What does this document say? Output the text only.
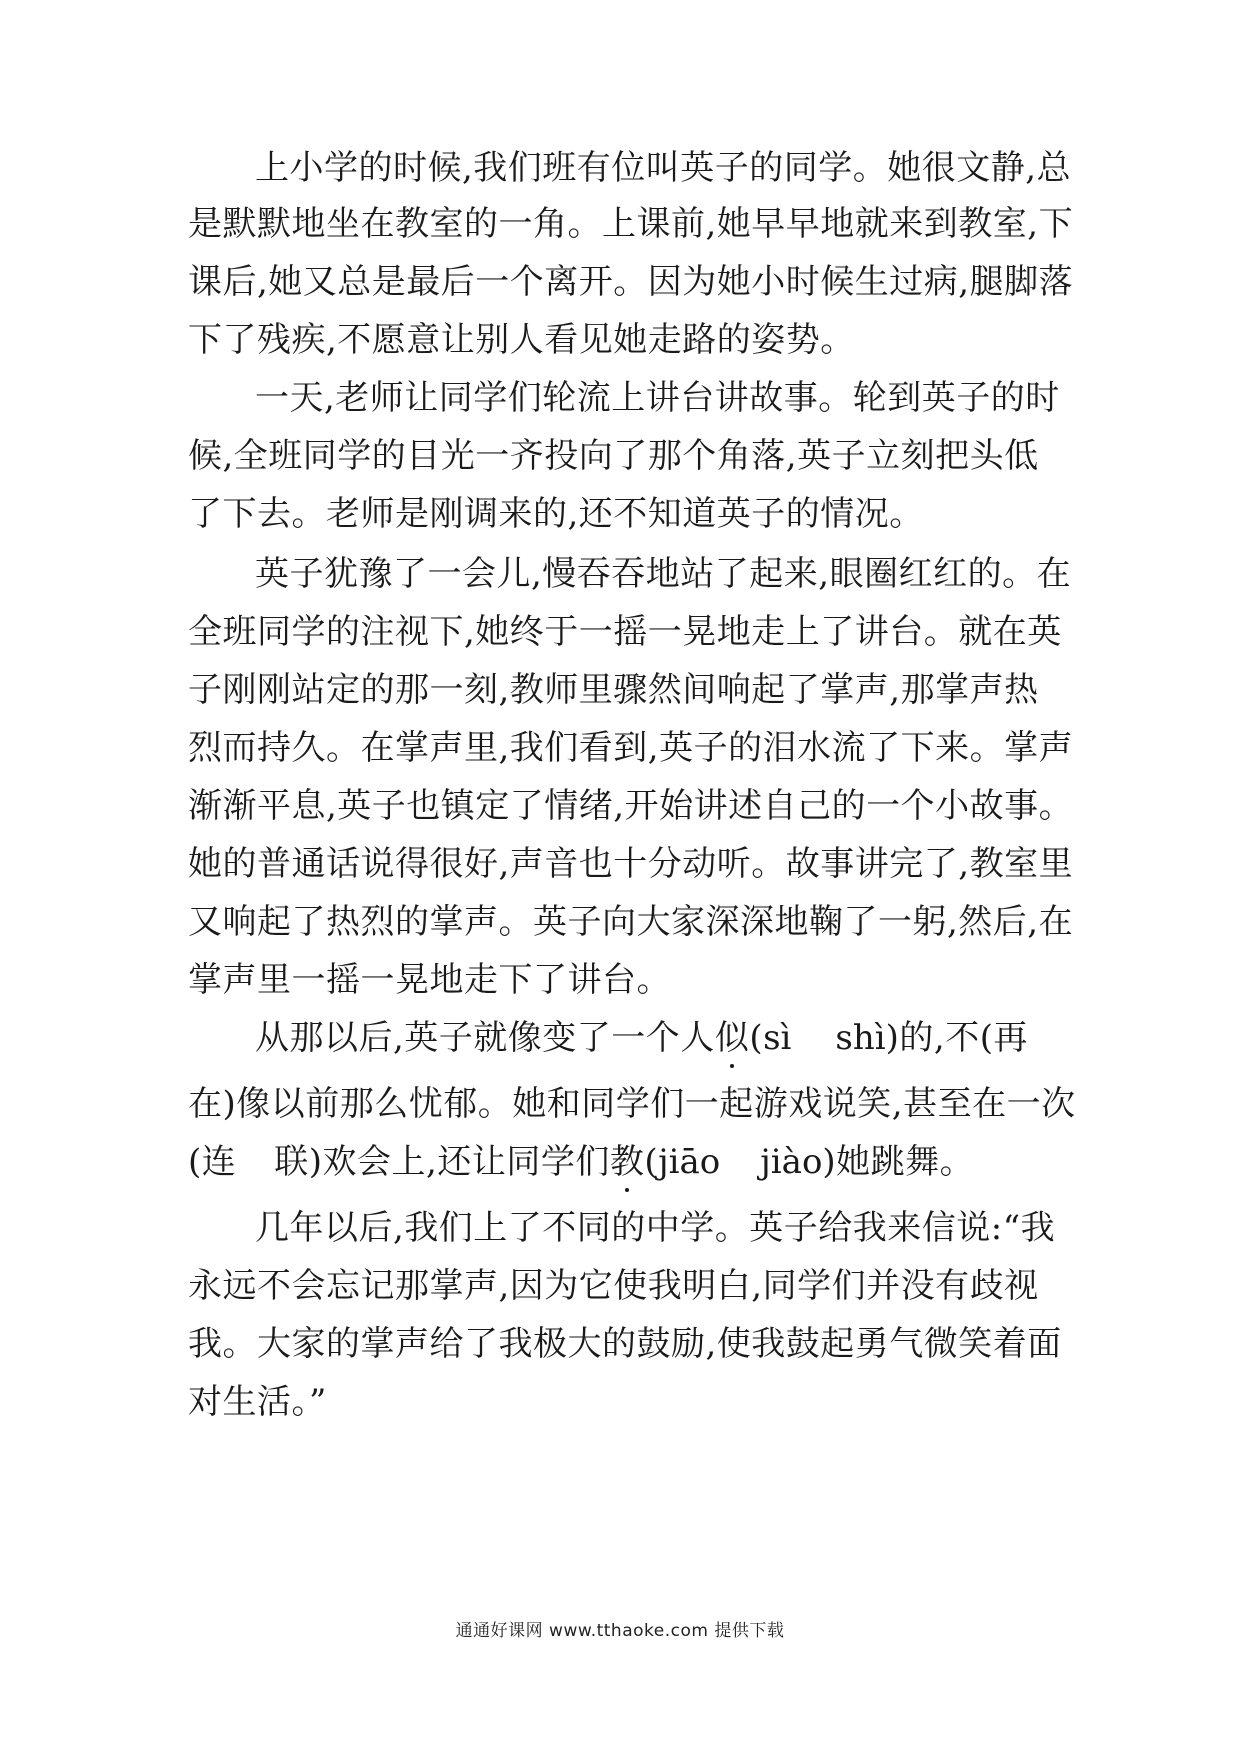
上小学的时候,我们班有位叫英子的同学。她很文静,总
是默默地坐在教室的一角。上课前,她早早地就来到教室,下
课后,她又总是最后一个离开。因为她小时候生过病,腿脚落
下了残疾,不愿意让别人看见她走路的姿势。
一天,老师让同学们轮流上讲台讲故事。轮到英子的时
候,全班同学的目光一齐投向了那个角落,英子立刻把头低
了下去。老师是刚调来的,还不知道英子的情况。
英子犹豫了一会儿,慢吞吞地站了起来,眼圈红红的。在
全班同学的注视下,她终于一摇一晃地走上了讲台。就在英
子刚刚站定的那一刻,教师里骤然间响起了掌声,那掌声热
烈而持久。在掌声里,我们看到,英子的泪水流了下来。掌声
渐渐平息,英子也镇定了情绪,开始讲述自己的一个小故事。
她的普通话说得很好,声音也十分动听。故事讲完了,教室里
又响起了热烈的掌声。英子向大家深深地鞠了一躬,然后,在
掌声里一摇一晃地走下了讲台。
从那以后,英子就像变了一个人似(sì shì)的,不(再
在)像以前那么忧郁。她和同学们一起游戏说笑,甚至在一次
(连 联)欢会上,还让同学们教(jiāo jiào)她跳舞。
几年以后,我们上了不同的中学。英子给我来信说:“我
永远不会忘记那掌声,因为它使我明白,同学们并没有歧视
我。大家的掌声给了我极大的鼓励,使我鼓起勇气微笑着面
对生活。”
通通好课网 www.tthaoke.com 提供下载
